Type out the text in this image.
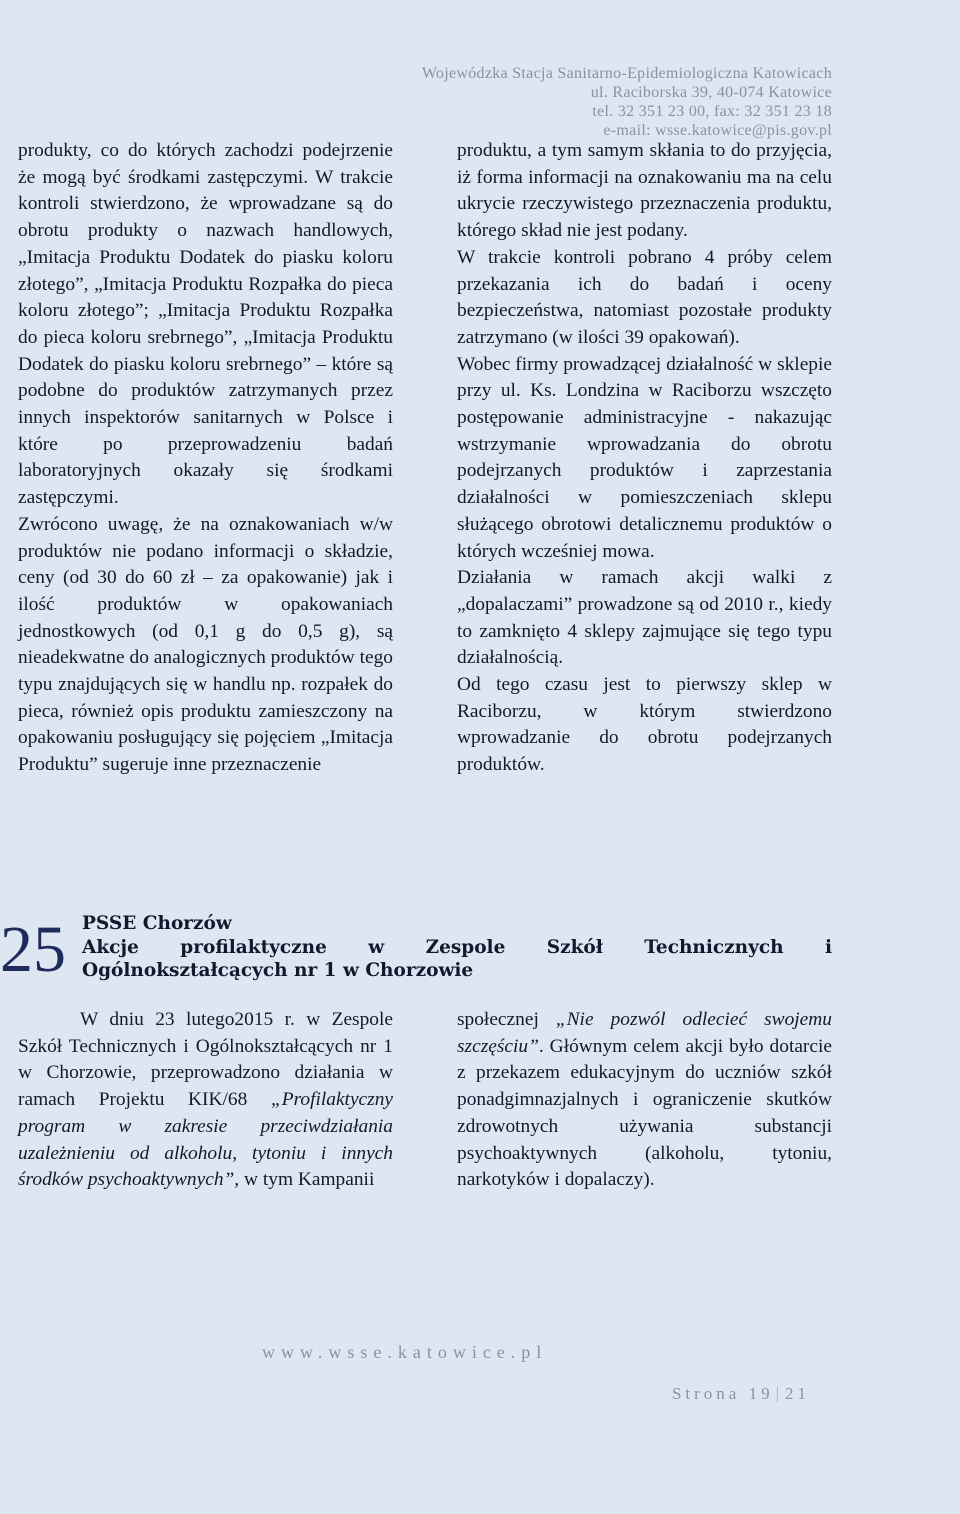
Wojewódzka Stacja Sanitarno-Epidemiologiczna Katowicach
ul. Raciborska 39, 40-074 Katowice
tel. 32 351 23 00, fax: 32 351 23 18
e-mail: wsse.katowice@pis.gov.pl

produkty, co do których zachodzi podejrzenie że mogą być środkami zastępczymi. W trakcie kontroli stwierdzono, że wprowadzane są do obrotu produkty o nazwach handlowych, „Imitacja Produktu Dodatek do piasku koloru złotego”, „Imitacja Produktu Rozpałka do pieca koloru złotego”; „Imitacja Produktu Rozpałka do pieca koloru srebrnego”, „Imitacja Produktu Dodatek do piasku koloru srebrnego” – które są podobne do produktów zatrzymanych przez innych inspektorów sanitarnych w Polsce i które po przeprowadzeniu badań laboratoryjnych okazały się środkami zastępczymi.

Zwrócono uwagę, że na oznakowaniach w/w produktów nie podano informacji o składzie, ceny (od 30 do 60 zł – za opakowanie) jak i ilość produktów w opakowaniach jednostkowych (od 0,1 g do 0,5 g), są nieadekwatne do analogicznych produktów tego typu znajdujących się w handlu np. rozpałek do pieca, również opis produktu zamieszczony na opakowaniu posługujący się pojęciem „Imitacja Produktu” sugeruje inne przeznaczenie

produktu, a tym samym skłania to do przyjęcia, iż forma informacji na oznakowaniu ma na celu ukrycie rzeczywistego przeznaczenia produktu, którego skład nie jest podany.

W trakcie kontroli pobrano 4 próby celem przekazania ich do badań i oceny bezpieczeństwa, natomiast pozostałe produkty zatrzymano (w ilości 39 opakowań).

Wobec firmy prowadzącej działalność w sklepie przy ul. Ks. Londzina w Raciborzu wszczęto postępowanie administracyjne - nakazując wstrzymanie wprowadzania do obrotu podejrzanych produktów i zaprzestania działalności w pomieszczeniach sklepu służącego obrotowi detalicznemu produktów o których wcześniej mowa.

Działania w ramach akcji walki z „dopalaczami” prowadzone są od 2010 r., kiedy to zamknięto 4 sklepy zajmujące się tego typu działalnością.

Od tego czasu jest to pierwszy sklep w Raciborzu, w którym stwierdzono wprowadzanie do obrotu podejrzanych produktów.

25 PSSE Chorzów
Akcje profilaktyczne w Zespole Szkół Technicznych i Ogólnokształcących nr 1 w Chorzowie

W dniu 23 lutego2015 r. w Zespole Szkół Technicznych i Ogólnokształcących nr 1 w Chorzowie, przeprowadzono działania w ramach Projektu KIK/68 „Profilaktyczny program w zakresie przeciwdziałania uzależnieniu od alkoholu, tytoniu i innych środków psychoaktywnych”, w tym Kampanii

społecznej „Nie pozwól odlecieć swojemu szczęściu”. Głównym celem akcji było dotarcie z przekazem edukacyjnym do uczniów szkół ponadgimnazjalnych i ograniczenie skutków zdrowotnych używania substancji psychoaktywnych (alkoholu, tytoniu, narkotyków i dopalaczy).

www.wsse.katowice.pl
Strona 19 | 21
